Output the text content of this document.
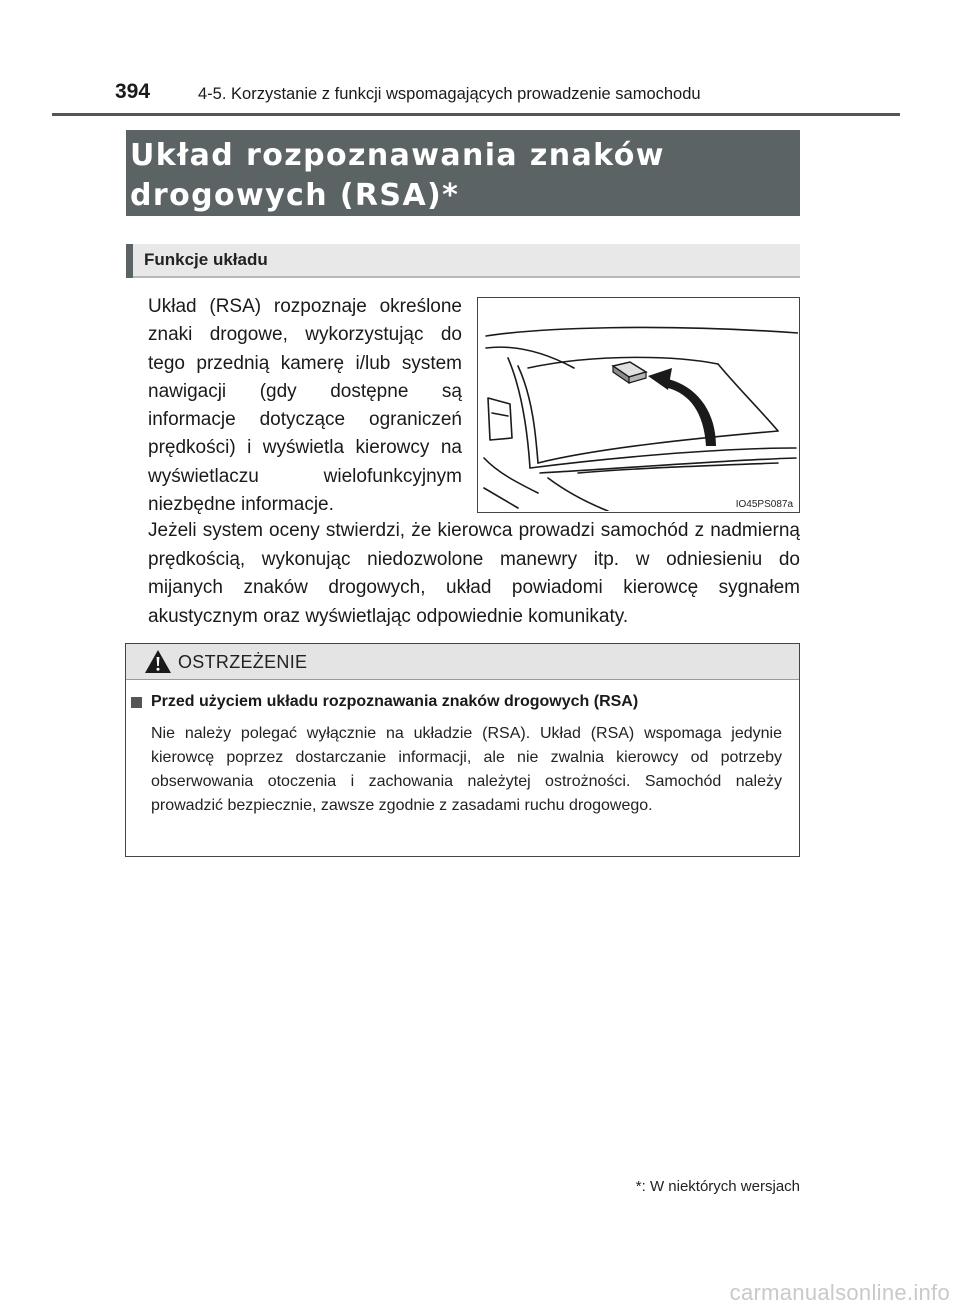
394	4-5. Korzystanie z funkcji wspomagających prowadzenie samochodu
Układ rozpoznawania znaków
drogowych (RSA)*
Funkcje układu

Układ (RSA) rozpoznaje określone znaki drogowe, wykorzystując do tego przednią kamerę i/lub system nawigacji (gdy dostępne są informacje dotyczące ograniczeń prędkości) i wyświetla kierowcy na wyświetlaczu wielofunkcyjnym niezbędne informacje.	IO45PS087a

Jeżeli system oceny stwierdzi, że kierowca prowadzi samochód z nadmierną prędkością, wykonując niedozwolone manewry itp. w odniesieniu do mijanych znaków drogowych, układ powiadomi kierowcę sygnałem akustycznym oraz wyświetlając odpowiednie komunikaty.

OSTRZEŻENIE
Przed użyciem układu rozpoznawania znaków drogowych (RSA)

Nie należy polegać wyłącznie na układzie (RSA). Układ (RSA) wspomaga jedynie kierowcę poprzez dostarczanie informacji, ale nie zwalnia kierowcy od potrzeby obserwowania otoczenia i zachowania należytej ostrożności. Samochód należy prowadzić bezpiecznie, zawsze zgodnie z zasadami ruchu drogowego.

*: W niektórych wersjach
carmanualsonline.info
